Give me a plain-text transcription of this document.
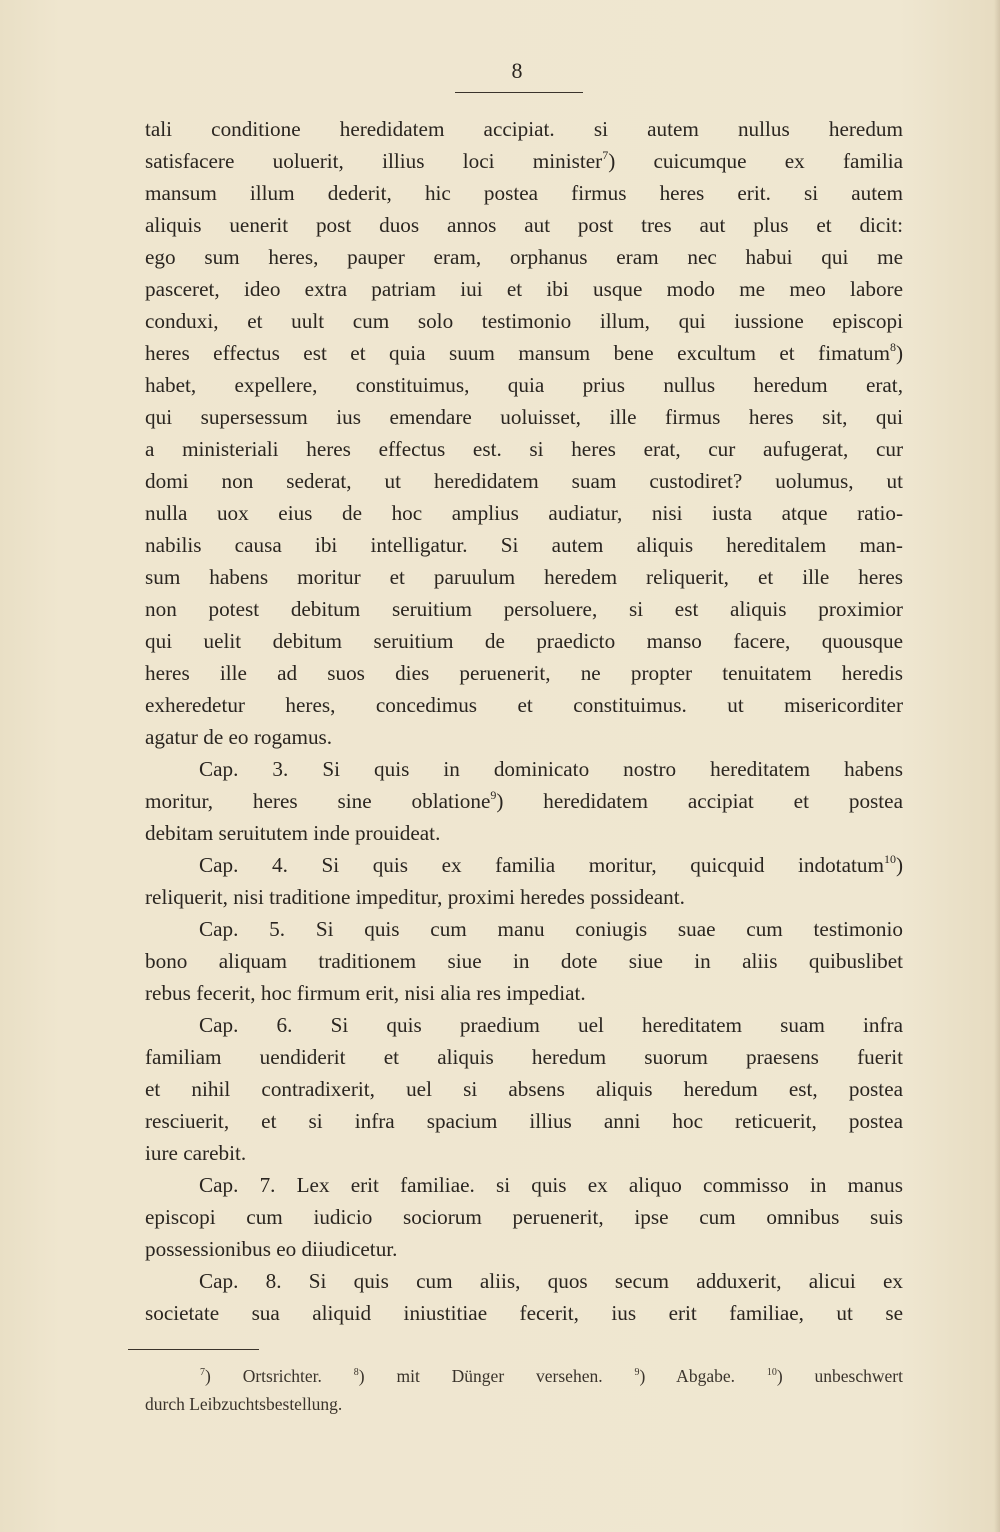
8
tali conditione heredidatem accipiat. si autem nullus heredum
satisfacere uoluerit, illius loci minister$^7$) cuicumque ex familia
mansum illum dederit, hic postea firmus heres erit. si autem
aliquis uenerit post duos annos aut post tres aut plus et dicit:
ego sum heres, pauper eram, orphanus eram nec habui qui me
pasceret, ideo extra patriam iui et ibi usque modo me meo labore
conduxi, et uult cum solo testimonio illum, qui iussione episcopi
heres effectus est et quia suum mansum bene excultum et fimatum$^8$)
habet, expellere, constituimus, quia prius nullus heredum erat,
qui supersessum ius emendare uoluisset, ille firmus heres sit, qui
a ministeriali heres effectus est. si heres erat, cur aufugerat, cur
domi non sederat, ut heredidatem suam custodiret? uolumus, ut
nulla uox eius de hoc amplius audiatur, nisi iusta atque ratio-
nabilis causa ibi intelligatur. Si autem aliquis hereditalem man-
sum habens moritur et paruulum heredem reliquerit, et ille heres
non potest debitum seruitium persoluere, si est aliquis proximior
qui uelit debitum seruitium de praedicto manso facere, quousque
heres ille ad suos dies peruenerit, ne propter tenuitatem heredis
exheredetur heres, concedimus et constituimus. ut misericorditer
agatur de eo rogamus.
Cap. 3. Si quis in dominicato nostro hereditatem habens
moritur, heres sine oblatione$^9$) heredidatem accipiat et postea
debitam seruitutem inde prouideat.
Cap. 4. Si quis ex familia moritur, quicquid indotatum$^{10}$)
reliquerit, nisi traditione impeditur, proximi heredes possideant.
Cap. 5. Si quis cum manu coniugis suae cum testimonio
bono aliquam traditionem siue in dote siue in aliis quibuslibet
rebus fecerit, hoc firmum erit, nisi alia res impediat.
Cap. 6. Si quis praedium uel hereditatem suam infra
familiam uendiderit et aliquis heredum suorum praesens fuerit
et nihil contradixerit, uel si absens aliquis heredum est, postea
resciuerit, et si infra spacium illius anni hoc reticuerit, postea
iure carebit.
Cap. 7. Lex erit familiae. si quis ex aliquo commisso in manus
episcopi cum iudicio sociorum peruenerit, ipse cum omnibus suis
possessionibus eo diiudicetur.
Cap. 8. Si quis cum aliis, quos secum adduxerit, alicui ex
societate sua aliquid iniustitiae fecerit, ius erit familiae, ut se
$^7$) Ortsrichter. $^8$) mit Dünger versehen. $^9$) Abgabe. $^{10}$) unbeschwert
durch Leibzuchtsbestellung.
